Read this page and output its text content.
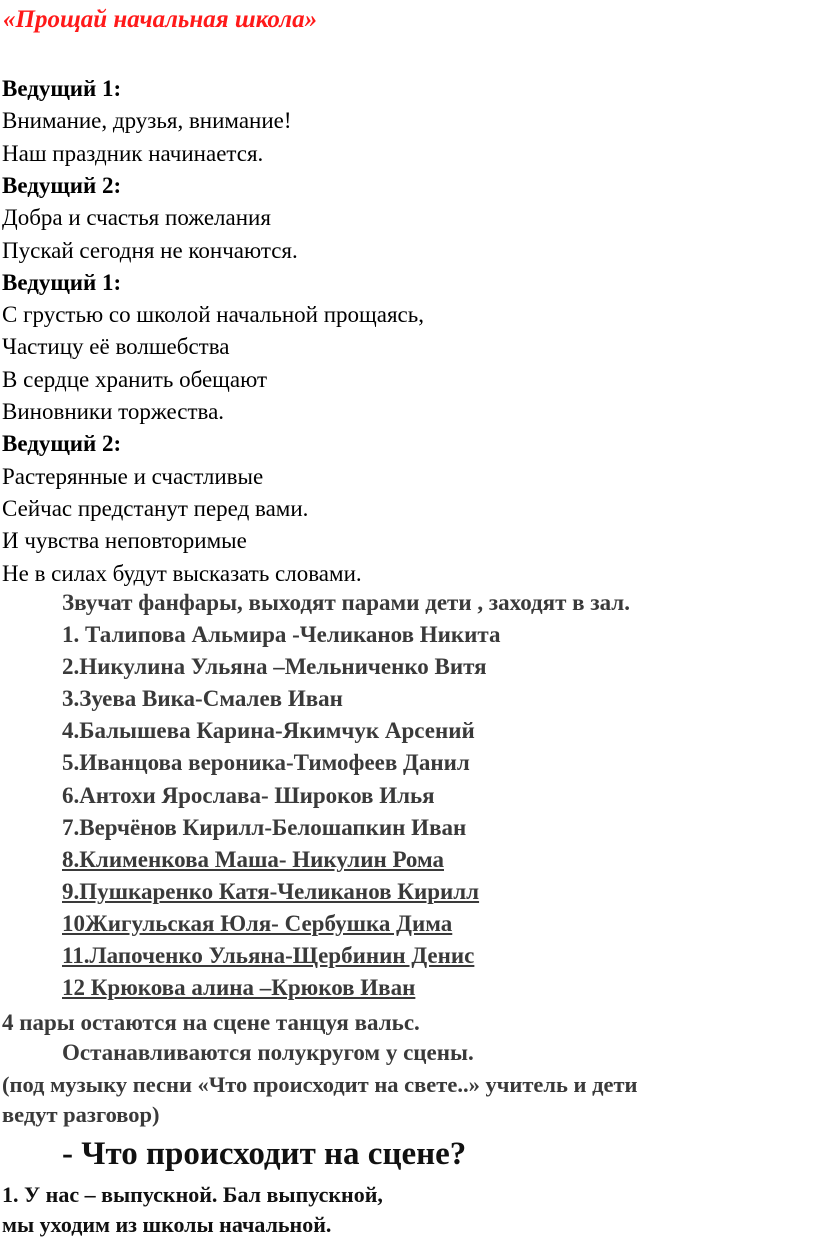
«Прощай начальная школа»
Ведущий 1:
Внимание, друзья, внимание!
Наш праздник начинается.
Ведущий 2:
Добра и счастья пожелания
Пускай сегодня не кончаются.
Ведущий 1:
С грустью со школой начальной прощаясь,
Частицу её волшебства
В сердце хранить обещают
Виновники торжества.
Ведущий 2:
Растерянные и счастливые
Сейчас предстанут перед вами.
И чувства неповторимые
Не в силах будут высказать словами.
Звучат фанфары, выходят парами дети , заходят в зал.
1. Талипова Альмира -Челиканов Никита
2.Никулина Ульяна –Мельниченко Витя
3.Зуева Вика-Смалев Иван
4.Балышева Карина-Якимчук Арсений
5.Иванцова вероника-Тимофеев Данил
6.Антохи Ярослава- Широков Илья
7.Верчёнов Кирилл-Белошапкин Иван
8.Клименкова Маша- Никулин Рома
9.Пушкаренко Катя-Челиканов Кирилл
10Жигульская Юля- Сербушка Дима
11.Лапоченко Ульяна-Щербинин Денис
12 Крюкова алина –Крюков Иван
4 пары остаются на сцене танцуя вальс.
Останавливаются полукругом у сцены.
(под музыку песни «Что происходит на свете..» учитель и дети
ведут разговор)
- Что происходит на сцене?
1. У нас – выпускной. Бал выпускной,
мы уходим из школы начальной.
